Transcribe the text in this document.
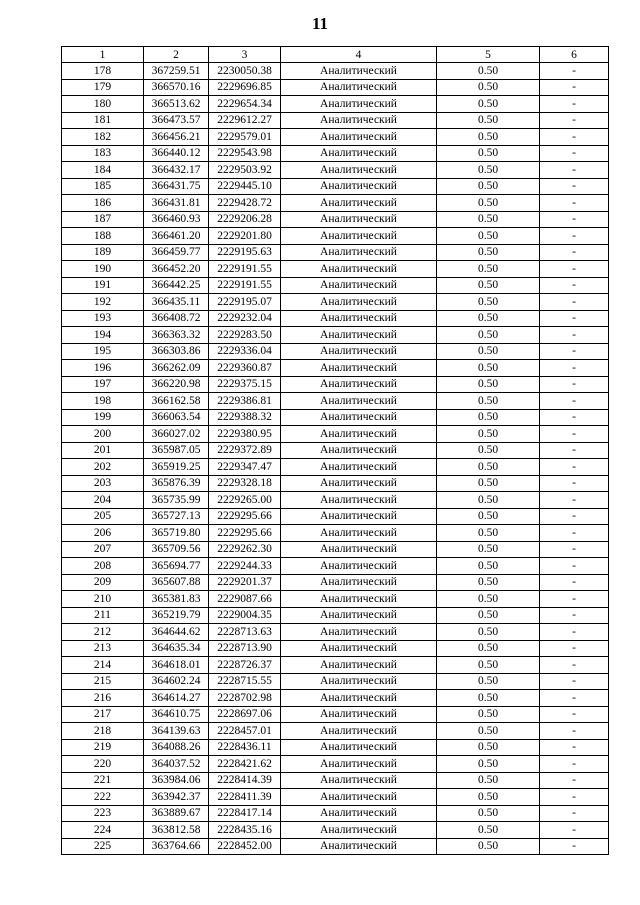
11
1	2	3	4	5	6
178	367259.51	2230050.38	Аналитический	0.50	-
179	366570.16	2229696.85	Аналитический	0.50	-
180	366513.62	2229654.34	Аналитический	0.50	-
181	366473.57	2229612.27	Аналитический	0.50	-
182	366456.21	2229579.01	Аналитический	0.50	-
183	366440.12	2229543.98	Аналитический	0.50	-
184	366432.17	2229503.92	Аналитический	0.50	-
185	366431.75	2229445.10	Аналитический	0.50	-
186	366431.81	2229428.72	Аналитический	0.50	-
187	366460.93	2229206.28	Аналитический	0.50	-
188	366461.20	2229201.80	Аналитический	0.50	-
189	366459.77	2229195.63	Аналитический	0.50	-
190	366452.20	2229191.55	Аналитический	0.50	-
191	366442.25	2229191.55	Аналитический	0.50	-
192	366435.11	2229195.07	Аналитический	0.50	-
193	366408.72	2229232.04	Аналитический	0.50	-
194	366363.32	2229283.50	Аналитический	0.50	-
195	366303.86	2229336.04	Аналитический	0.50	-
196	366262.09	2229360.87	Аналитический	0.50	-
197	366220.98	2229375.15	Аналитический	0.50	-
198	366162.58	2229386.81	Аналитический	0.50	-
199	366063.54	2229388.32	Аналитический	0.50	-
200	366027.02	2229380.95	Аналитический	0.50	-
201	365987.05	2229372.89	Аналитический	0.50	-
202	365919.25	2229347.47	Аналитический	0.50	-
203	365876.39	2229328.18	Аналитический	0.50	-
204	365735.99	2229265.00	Аналитический	0.50	-
205	365727.13	2229295.66	Аналитический	0.50	-
206	365719.80	2229295.66	Аналитический	0.50	-
207	365709.56	2229262.30	Аналитический	0.50	-
208	365694.77	2229244.33	Аналитический	0.50	-
209	365607.88	2229201.37	Аналитический	0.50	-
210	365381.83	2229087.66	Аналитический	0.50	-
211	365219.79	2229004.35	Аналитический	0.50	-
212	364644.62	2228713.63	Аналитический	0.50	-
213	364635.34	2228713.90	Аналитический	0.50	-
214	364618.01	2228726.37	Аналитический	0.50	-
215	364602.24	2228715.55	Аналитический	0.50	-
216	364614.27	2228702.98	Аналитический	0.50	-
217	364610.75	2228697.06	Аналитический	0.50	-
218	364139.63	2228457.01	Аналитический	0.50	-
219	364088.26	2228436.11	Аналитический	0.50	-
220	364037.52	2228421.62	Аналитический	0.50	-
221	363984.06	2228414.39	Аналитический	0.50	-
222	363942.37	2228411.39	Аналитический	0.50	-
223	363889.67	2228417.14	Аналитический	0.50	-
224	363812.58	2228435.16	Аналитический	0.50	-
225	363764.66	2228452.00	Аналитический	0.50	-
